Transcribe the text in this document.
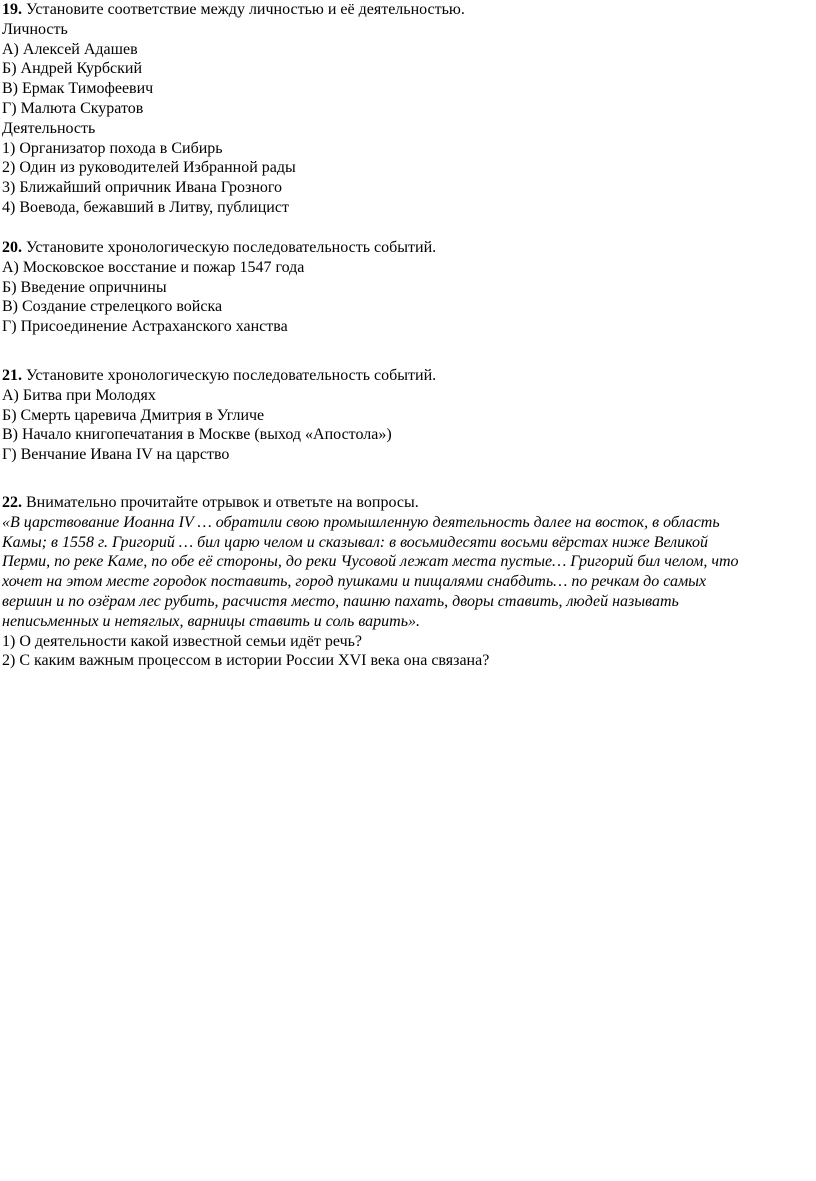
19. Установите соответствие между личностью и её деятельностью.
Личность
А) Алексей Адашев
Б) Андрей Курбский
В) Ермак Тимофеевич
Г) Малюта Скуратов
Деятельность
1) Организатор похода в Сибирь
2) Один из руководителей Избранной рады
3) Ближайший опричник Ивана Грозного
4) Воевода, бежавший в Литву, публицист
20. Установите хронологическую последовательность событий.
А) Московское восстание и пожар 1547 года
Б) Введение опричнины
В) Создание стрелецкого войска
Г) Присоединение Астраханского ханства
21. Установите хронологическую последовательность событий.
А) Битва при Молодях
Б) Смерть царевича Дмитрия в Угличе
В) Начало книгопечатания в Москве (выход «Апостола»)
Г) Венчание Ивана IV на царство
22. Внимательно прочитайте отрывок и ответьте на вопросы.
«В царствование Иоанна IV … обратили свою промышленную деятельность далее на восток, в область
Камы; в 1558 г. Григорий … бил царю челом и сказывал: в восьмидесяти восьми вёрстах ниже Великой
Перми, по реке Каме, по обе её стороны, до реки Чусовой лежат места пустые… Григорий бил челом, что
хочет на этом месте городок поставить, город пушками и пищалями снабдить… по речкам до самых
вершин и по озёрам лес рубить, расчистя место, пашню пахать, дворы ставить, людей называть
неписьменных и нетяглых, варницы ставить и соль варить».
1) О деятельности какой известной семьи идёт речь?
2) С каким важным процессом в истории России XVI века она связана?
